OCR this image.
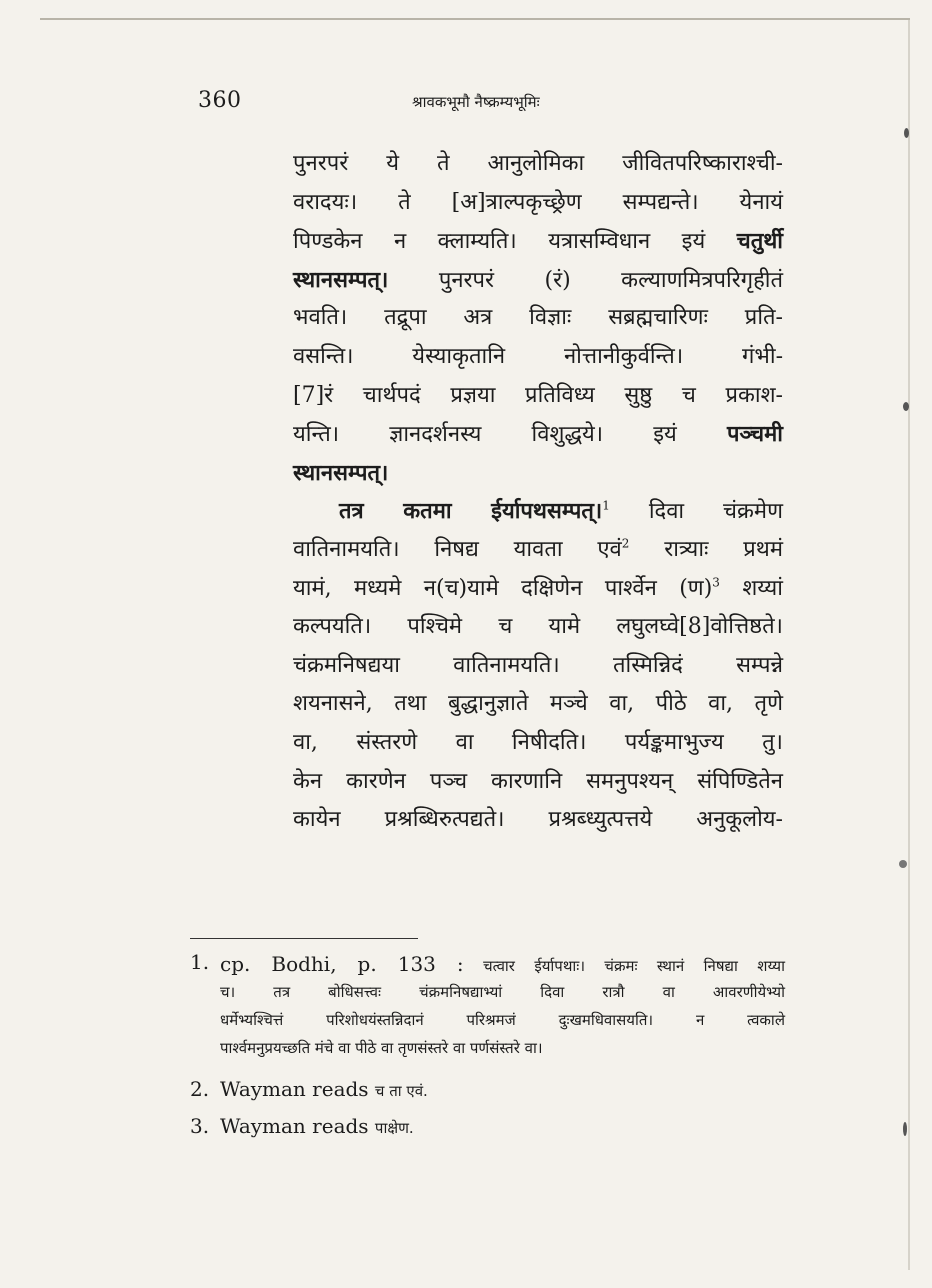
360	श्रावकभूमौ नैष्क्रम्यभूमिः
पुनरपरं ये ते आनुलोमिका जीवितपरिष्काराश्ची-
वरादयः। ते [अ]त्राल्पकृच्छ्रेण सम्पद्यन्ते। येनायं
पिण्डकेन न क्लाम्यति। यत्रासम्विधान इयं चतुर्थी
स्थानसम्पत्। पुनरपरं (रं) कल्याणमित्रपरिगृहीतं
भवति। तद्रूपा अत्र विज्ञाः सब्रह्मचारिणः प्रति-
वसन्ति। येस्याकृतानि नोत्तानीकुर्वन्ति। गंभी-
[7]रं चार्थपदं प्रज्ञया प्रतिविध्य सुष्ठु च प्रकाश-
यन्ति। ज्ञानदर्शनस्य विशुद्धये। इयं पञ्चमी
स्थानसम्पत्।
तत्र कतमा ईर्यापथसम्पत्।$^1$ दिवा चंक्रमेण
वातिनामयति। निषद्य यावता एवं$^2$ रात्र्याः प्रथमं
यामं, मध्यमे न(च)यामे दक्षिणेन पार्श्वेन (ण)$^3$ शय्यां
कल्पयति। पश्चिमे च यामे लघुलघ्वे[8]वोत्तिष्ठते।
चंक्रमनिषद्यया वातिनामयति। तस्मिन्निदं सम्पन्ने
शयनासने, तथा बुद्धानुज्ञाते मञ्चे वा, पीठे वा, तृणे
वा, संस्तरणे वा निषीदति। पर्यङ्कमाभुज्य तु।
केन कारणेन पञ्च कारणानि समनुपश्यन् संपिण्डितेन
कायेन प्रश्रब्धिरुत्पद्यते। प्रश्रब्ध्युत्पत्तये अनुकूलोय-
1. cp. Bodhi, p. 133 : चत्वार ईर्यापथाः। चंक्रमः स्थानं निषद्या शय्या
च। तत्र बोधिसत्त्वः चंक्रमनिषद्याभ्यां दिवा रात्रौ वा आवरणीयेभ्यो
धर्मेभ्यश्चित्तं परिशोधयंस्तन्निदानं परिश्रमजं दुःखमधिवासयति। न त्वकाले
पार्श्वमनुप्रयच्छति मंचे वा पीठे वा तृणसंस्तरे वा पर्णसंस्तरे वा।
2. Wayman reads च ता एवं.
3. Wayman reads पाक्षेण.
